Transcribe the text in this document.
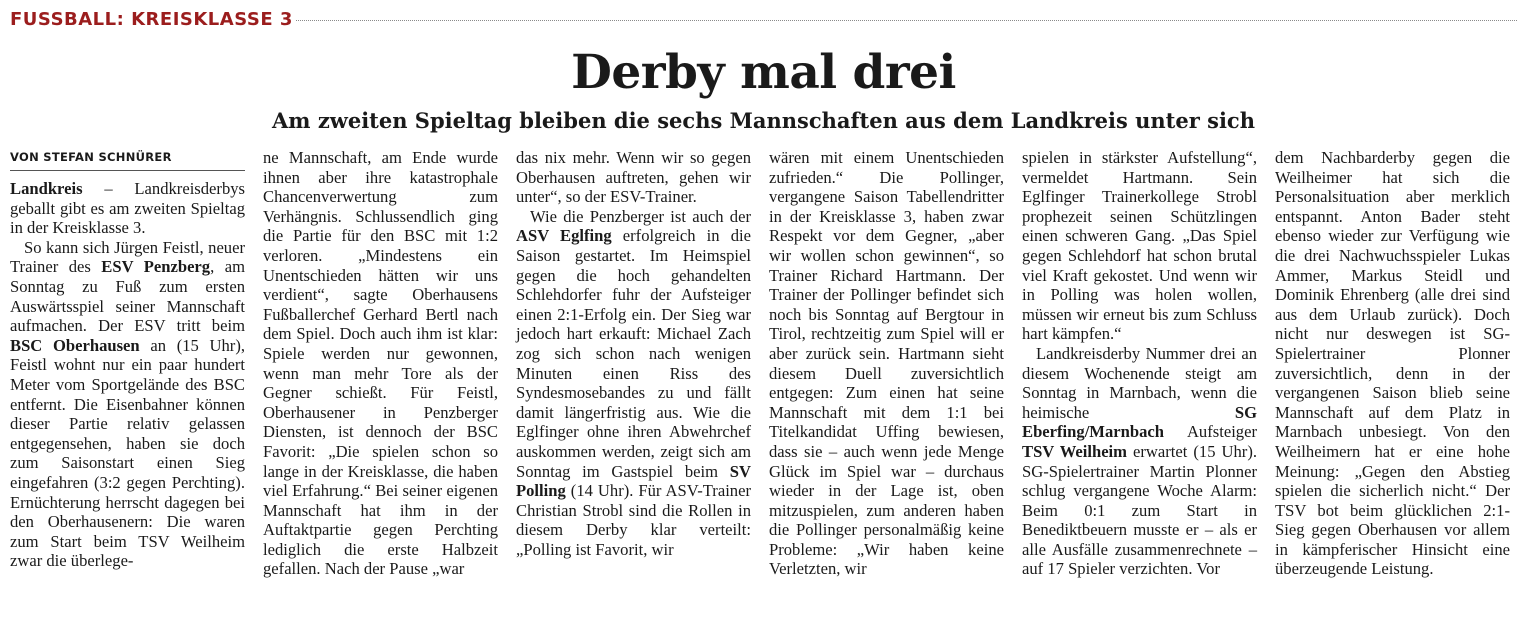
FUSSBALL: KREISKLASSE 3
Derby mal drei
Am zweiten Spieltag bleiben die sechs Mannschaften aus dem Landkreis unter sich
VON STEFAN SCHNÜRER

Landkreis – Landkreisderbys geballt gibt es am zweiten Spieltag in der Kreisklasse 3.

So kann sich Jürgen Feistl, neuer Trainer des ESV Penzberg, am Sonntag zu Fuß zum ersten Auswärtsspiel seiner Mannschaft aufmachen. Der ESV tritt beim BSC Oberhausen an (15 Uhr), Feistl wohnt nur ein paar hundert Meter vom Sportgelände des BSC entfernt. Die Eisenbahner können dieser Partie relativ gelassen entgegensehen, haben sie doch zum Saisonstart einen Sieg eingefahren (3:2 gegen Perchting). Ernüchterung herrscht dagegen bei den Oberhausenern: Die waren zum Start beim TSV Weilheim zwar die überlege-

ne Mannschaft, am Ende wurde ihnen aber ihre katastrophale Chancenverwertung zum Verhängnis. Schlussendlich ging die Partie für den BSC mit 1:2 verloren. „Mindestens ein Unentschieden hätten wir uns verdient“, sagte Oberhausens Fußballerchef Gerhard Bertl nach dem Spiel. Doch auch ihm ist klar: Spiele werden nur gewonnen, wenn man mehr Tore als der Gegner schießt. Für Feistl, Oberhausener in Penzberger Diensten, ist dennoch der BSC Favorit: „Die spielen schon so lange in der Kreisklasse, die haben viel Erfahrung.“ Bei seiner eigenen Mannschaft hat ihm in der Auftaktpartie gegen Perchting lediglich die erste Halbzeit gefallen. Nach der Pause „war

das nix mehr. Wenn wir so gegen Oberhausen auftreten, gehen wir unter“, so der ESV-Trainer.

Wie die Penzberger ist auch der ASV Eglfing erfolgreich in die Saison gestartet. Im Heimspiel gegen die hoch gehandelten Schlehdorfer fuhr der Aufsteiger einen 2:1-Erfolg ein. Der Sieg war jedoch hart erkauft: Michael Zach zog sich schon nach wenigen Minuten einen Riss des Syndesmosebandes zu und fällt damit längerfristig aus. Wie die Eglfinger ohne ihren Abwehrchef auskommen werden, zeigt sich am Sonntag im Gastspiel beim SV Polling (14 Uhr). Für ASV-Trainer Christian Strobl sind die Rollen in diesem Derby klar verteilt: „Polling ist Favorit, wir

wären mit einem Unentschieden zufrieden.“ Die Pollinger, vergangene Saison Tabellendritter in der Kreisklasse 3, haben zwar Respekt vor dem Gegner, „aber wir wollen schon gewinnen“, so Trainer Richard Hartmann. Der Trainer der Pollinger befindet sich noch bis Sonntag auf Bergtour in Tirol, rechtzeitig zum Spiel will er aber zurück sein. Hartmann sieht diesem Duell zuversichtlich entgegen: Zum einen hat seine Mannschaft mit dem 1:1 bei Titelkandidat Uffing bewiesen, dass sie – auch wenn jede Menge Glück im Spiel war – durchaus wieder in der Lage ist, oben mitzuspielen, zum anderen haben die Pollinger personalmäßig keine Probleme: „Wir haben keine Verletzten, wir

spielen in stärkster Aufstellung“, vermeldet Hartmann. Sein Eglfinger Trainerkollege Strobl prophezeit seinen Schützlingen einen schweren Gang. „Das Spiel gegen Schlehdorf hat schon brutal viel Kraft gekostet. Und wenn wir in Polling was holen wollen, müssen wir erneut bis zum Schluss hart kämpfen.“

Landkreisderby Nummer drei an diesem Wochenende steigt am Sonntag in Marnbach, wenn die heimische SG Eberfing/Marnbach Aufsteiger TSV Weilheim erwartet (15 Uhr). SG-Spielertrainer Martin Plonner schlug vergangene Woche Alarm: Beim 0:1 zum Start in Benediktbeuern musste er – als er alle Ausfälle zusammenrechnete – auf 17 Spieler verzichten. Vor

dem Nachbarderby gegen die Weilheimer hat sich die Personalsituation aber merklich entspannt. Anton Bader steht ebenso wieder zur Verfügung wie die drei Nachwuchsspieler Lukas Ammer, Markus Steidl und Dominik Ehrenberg (alle drei sind aus dem Urlaub zurück). Doch nicht nur deswegen ist SG-Spielertrainer Plonner zuversichtlich, denn in der vergangenen Saison blieb seine Mannschaft auf dem Platz in Marnbach unbesiegt. Von den Weilheimern hat er eine hohe Meinung: „Gegen den Abstieg spielen die sicherlich nicht.“ Der TSV bot beim glücklichen 2:1-Sieg gegen Oberhausen vor allem in kämpferischer Hinsicht eine überzeugende Leistung.
